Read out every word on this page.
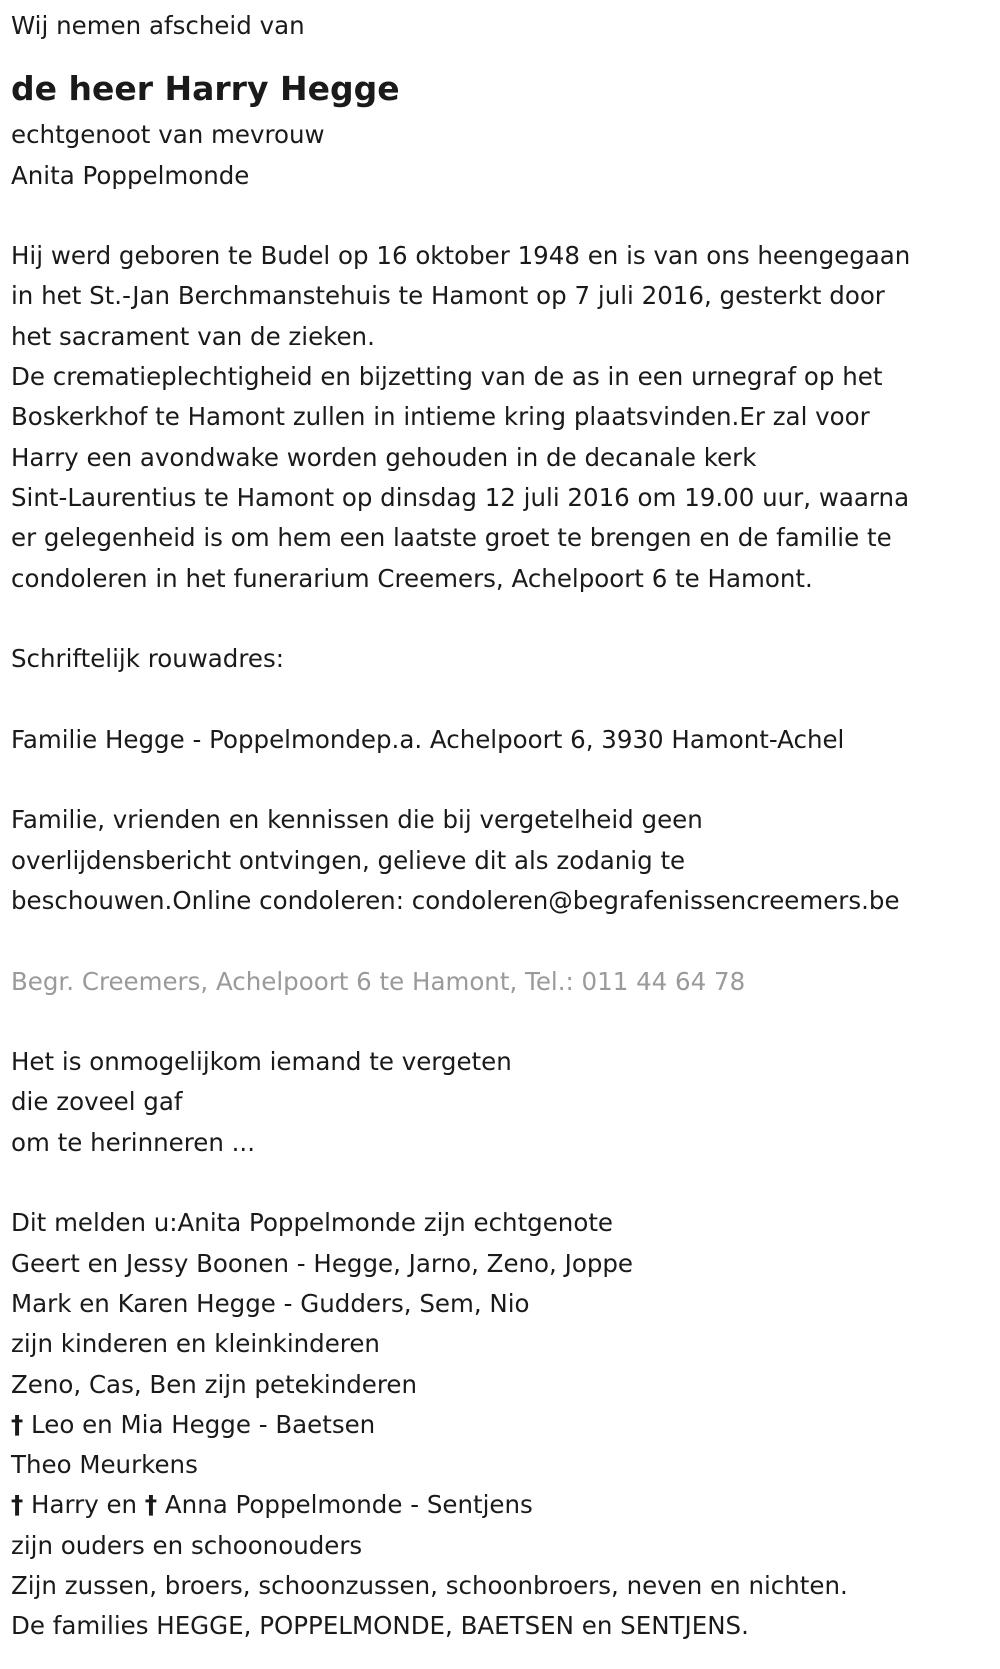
Wij nemen afscheid van
de heer Harry Hegge
echtgenoot van mevrouw
Anita Poppelmonde
Hij werd geboren te Budel op 16 oktober 1948 en is van ons heengegaan
in het St.-Jan Berchmanstehuis te Hamont op 7 juli 2016, gesterkt door
het sacrament van de zieken.
De crematieplechtigheid en bijzetting van de as in een urnegraf op het
Boskerkhof te Hamont zullen in intieme kring plaatsvinden.Er zal voor
Harry een avondwake worden gehouden in de decanale kerk
Sint-Laurentius te Hamont op dinsdag 12 juli 2016 om 19.00 uur, waarna
er gelegenheid is om hem een laatste groet te brengen en de familie te
condoleren in het funerarium Creemers, Achelpoort 6 te Hamont.
Schriftelijk rouwadres:
Familie Hegge - Poppelmondep.a. Achelpoort 6, 3930 Hamont-Achel
Familie, vrienden en kennissen die bij vergetelheid geen
overlijdensbericht ontvingen, gelieve dit als zodanig te
beschouwen.Online condoleren: condoleren@begrafenissencreemers.be
Begr. Creemers, Achelpoort 6 te Hamont, Tel.: 011 44 64 78
Het is onmogelijkom iemand te vergeten
die zoveel gaf
om te herinneren ...
Dit melden u:Anita Poppelmonde zijn echtgenote
Geert en Jessy Boonen - Hegge, Jarno, Zeno, Joppe
Mark en Karen Hegge - Gudders, Sem, Nio
zijn kinderen en kleinkinderen
Zeno, Cas, Ben zijn petekinderen
† Leo en Mia Hegge - Baetsen
Theo Meurkens
† Harry en † Anna Poppelmonde - Sentjens
zijn ouders en schoonouders
Zijn zussen, broers, schoonzussen, schoonbroers, neven en nichten.
De families HEGGE, POPPELMONDE, BAETSEN en SENTJENS.
